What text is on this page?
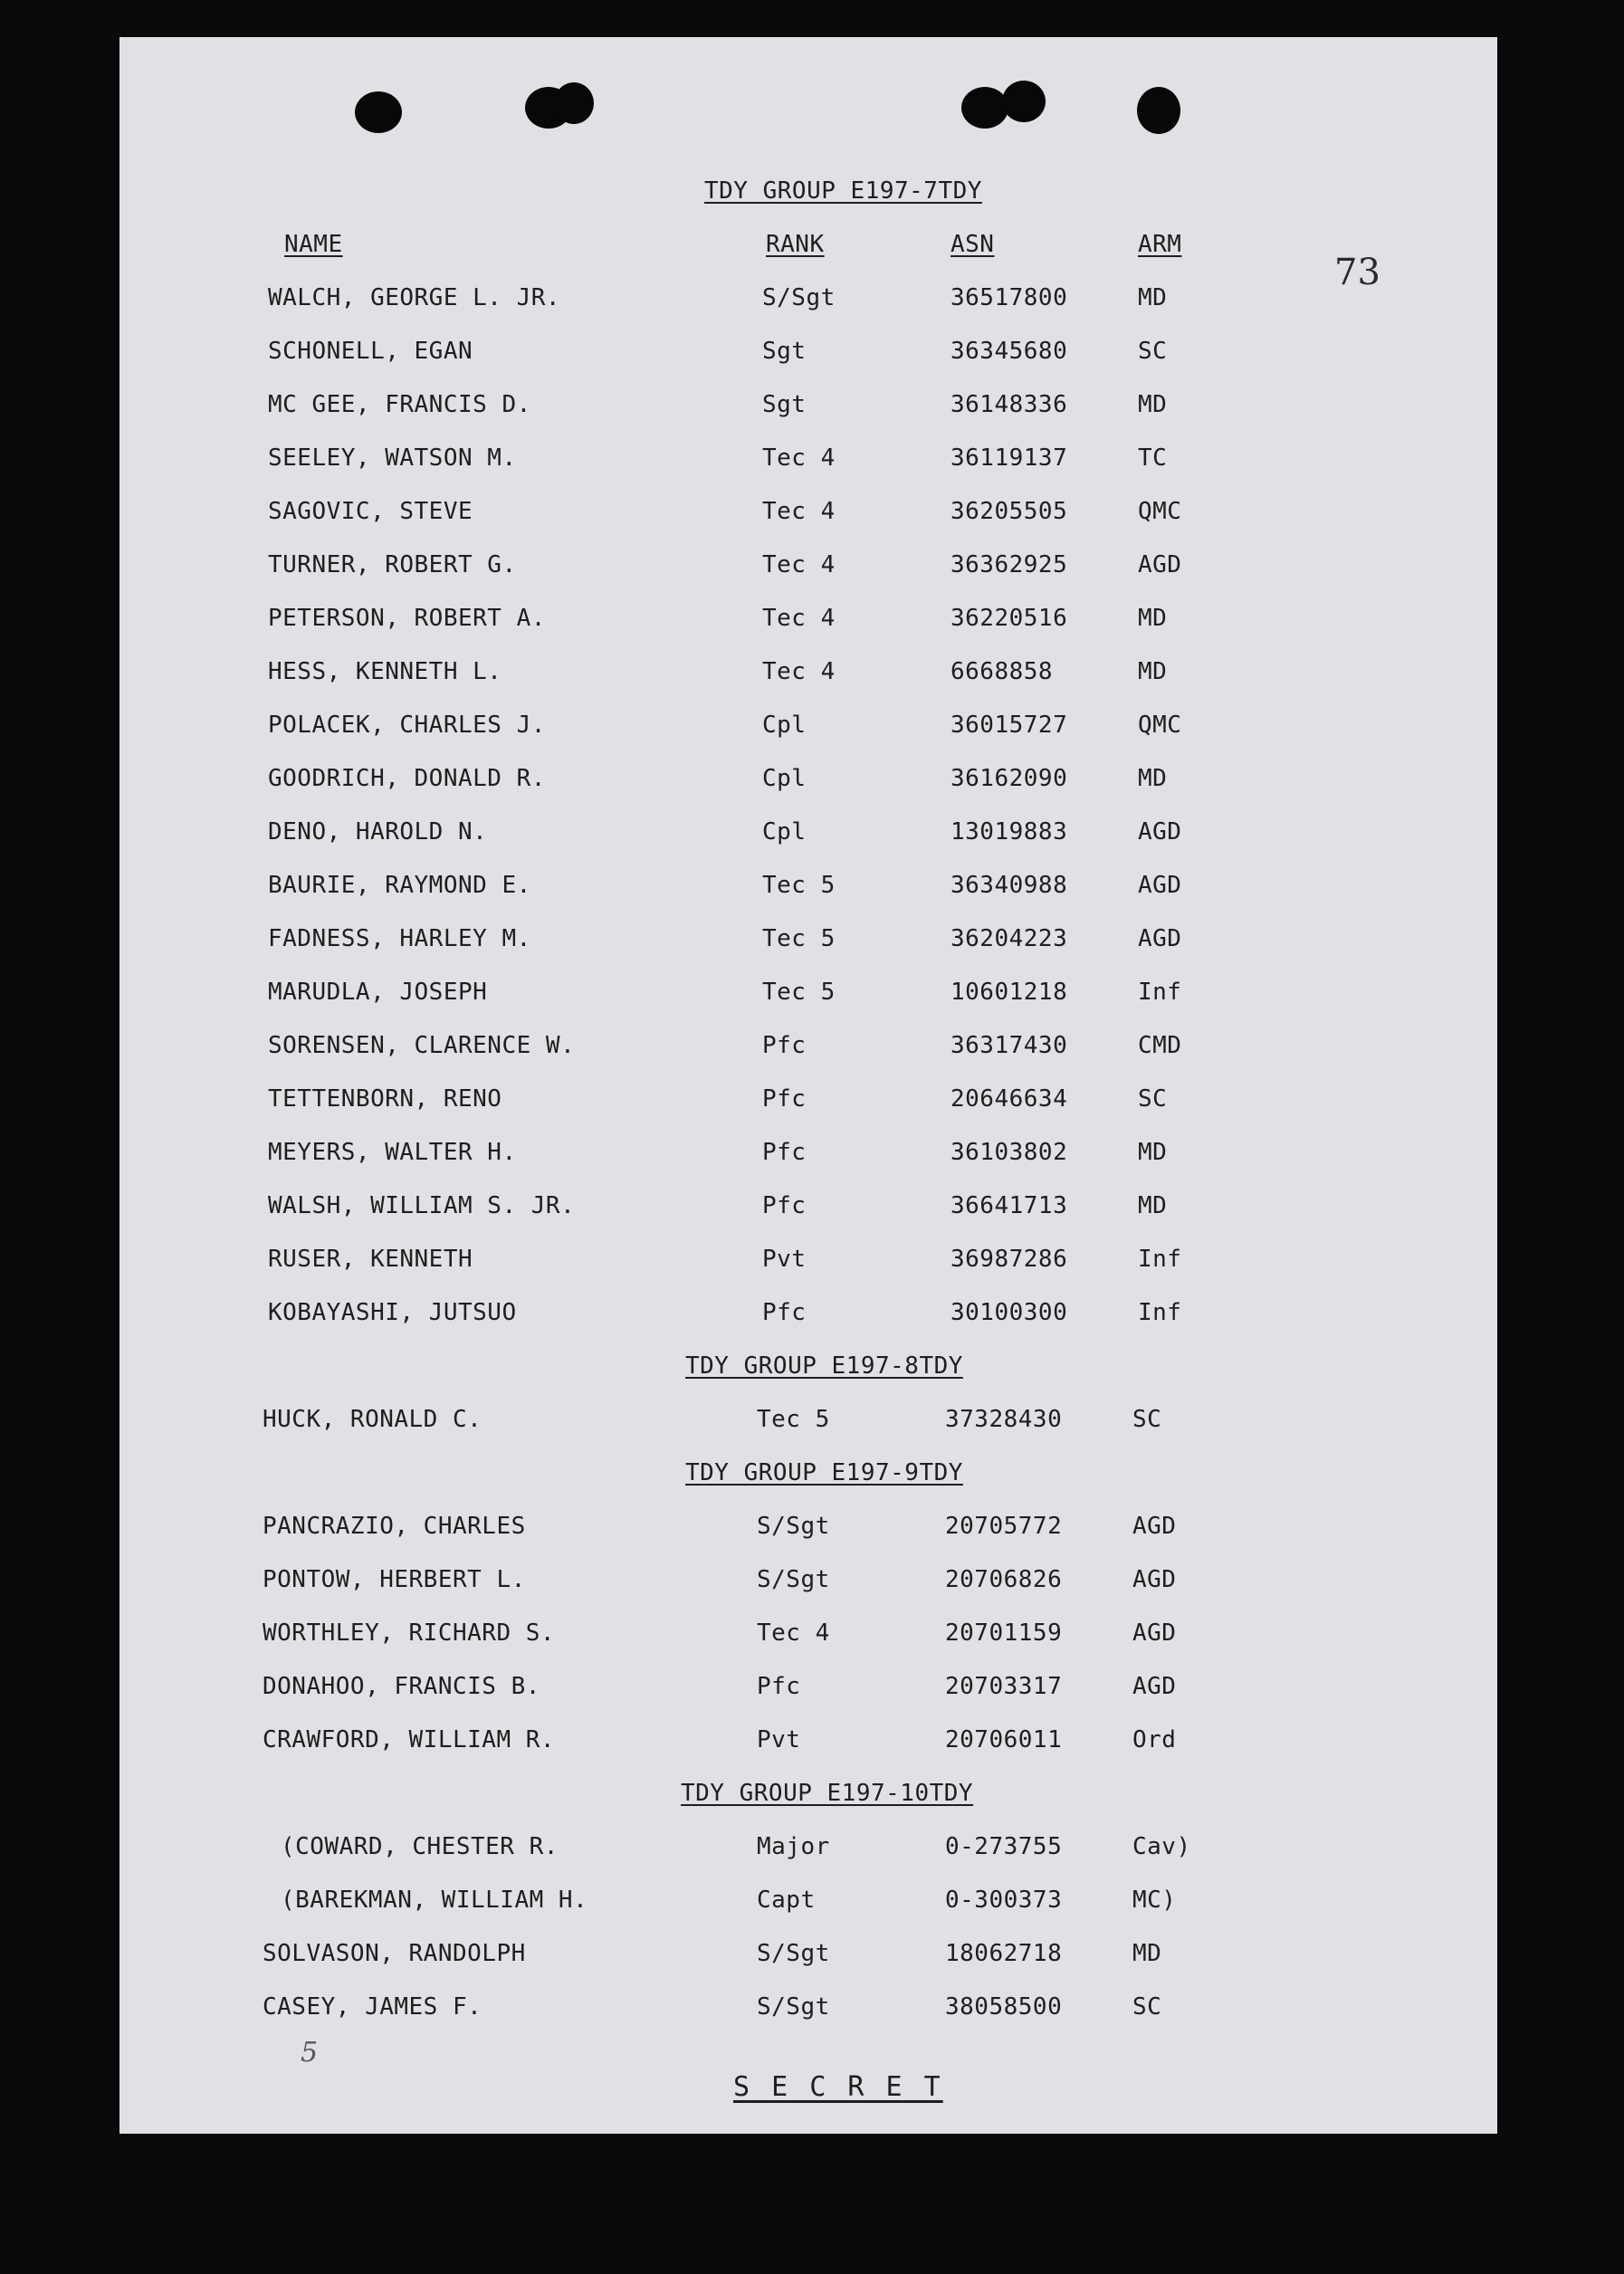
73
TDY GROUP E197-7TDY
NAME	RANK	ASN	ARM
WALCH, GEORGE L. JR.	S/Sgt	36517800	MD
SCHONELL, EGAN	Sgt	36345680	SC
MC GEE, FRANCIS D.	Sgt	36148336	MD
SEELEY, WATSON M.	Tec 4	36119137	TC
SAGOVIC, STEVE	Tec 4	36205505	QMC
TURNER, ROBERT G.	Tec 4	36362925	AGD
PETERSON, ROBERT A.	Tec 4	36220516	MD
HESS, KENNETH L.	Tec 4	6668858	MD
POLACEK, CHARLES J.	Cpl	36015727	QMC
GOODRICH, DONALD R.	Cpl	36162090	MD
DENO, HAROLD N.	Cpl	13019883	AGD
BAURIE, RAYMOND E.	Tec 5	36340988	AGD
FADNESS, HARLEY M.	Tec 5	36204223	AGD
MARUDLA, JOSEPH	Tec 5	10601218	Inf
SORENSEN, CLARENCE W.	Pfc	36317430	CMD
TETTENBORN, RENO	Pfc	20646634	SC
MEYERS, WALTER H.	Pfc	36103802	MD
WALSH, WILLIAM S. JR.	Pfc	36641713	MD
RUSER, KENNETH	Pvt	36987286	Inf
KOBAYASHI, JUTSUO	Pfc	30100300	Inf
TDY GROUP E197-8TDY
HUCK, RONALD C.	Tec 5	37328430	SC
TDY GROUP E197-9TDY
PANCRAZIO, CHARLES	S/Sgt	20705772	AGD
PONTOW, HERBERT L.	S/Sgt	20706826	AGD
WORTHLEY, RICHARD S.	Tec 4	20701159	AGD
DONAHOO, FRANCIS B.	Pfc	20703317	AGD
CRAWFORD, WILLIAM R.	Pvt	20706011	Ord
TDY GROUP E197-10TDY
(COWARD, CHESTER R.	Major	0-273755	Cav)
(BAREKMAN, WILLIAM H.	Capt	0-300373	MC)
SOLVASON, RANDOLPH	S/Sgt	18062718	MD
CASEY, JAMES F.	S/Sgt	38058500	SC
5
S E C R E T
